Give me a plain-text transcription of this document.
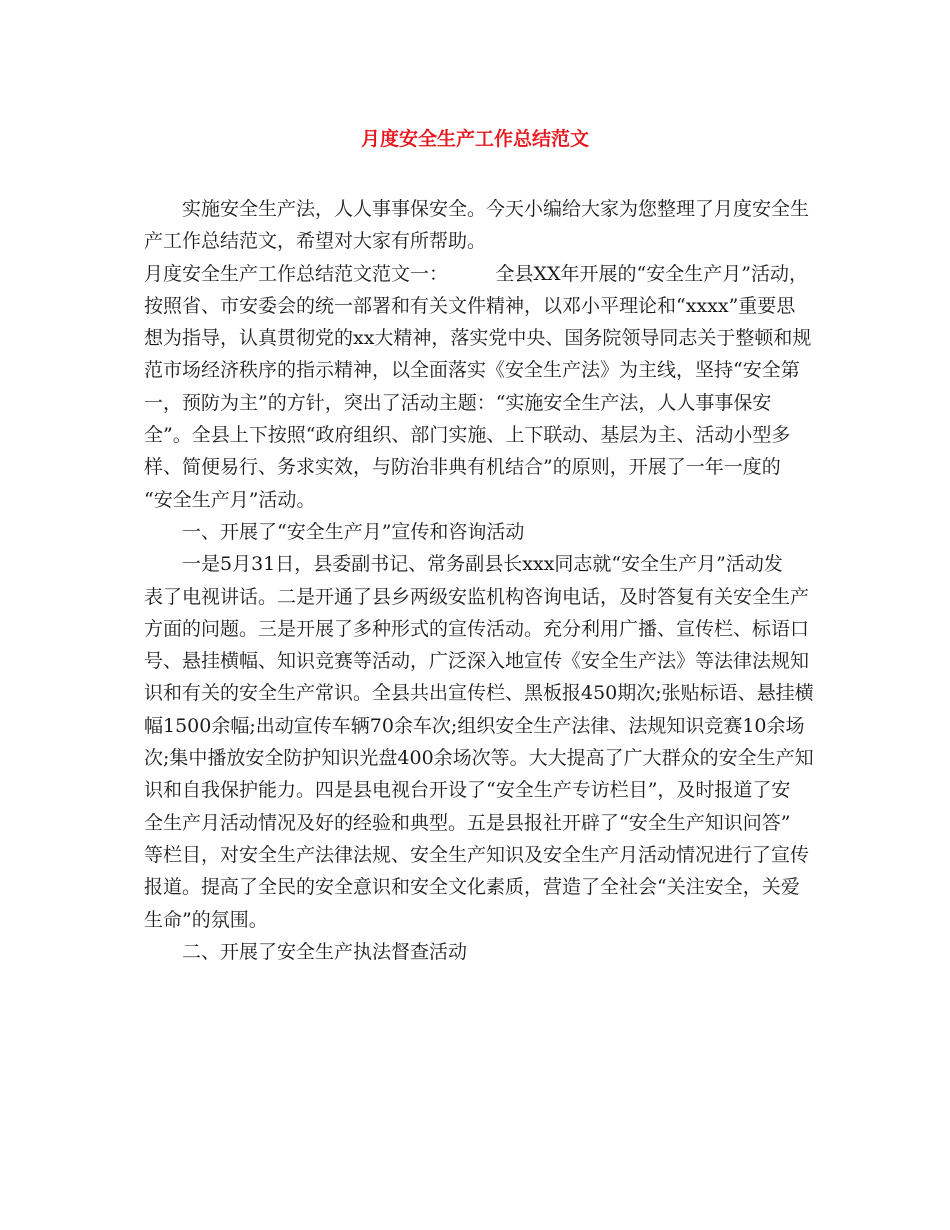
月度安全生产工作总结范文
　　实施安全生产法，人人事事保安全。今天小编给大家为您整理了月度安全生
产工作总结范文，希望对大家有所帮助。
月度安全生产工作总结范文范文一：　　　全县XX年开展的“安全生产月”活动，
按照省、市安委会的统一部署和有关文件精神，以邓小平理论和“xxxx”重要思
想为指导，认真贯彻党的xx大精神，落实党中央、国务院领导同志关于整顿和规
范市场经济秩序的指示精神，以全面落实《安全生产法》为主线，坚持“安全第
一，预防为主”的方针，突出了活动主题：“实施安全生产法，人人事事保安
全”。全县上下按照“政府组织、部门实施、上下联动、基层为主、活动小型多
样、简便易行、务求实效，与防治非典有机结合”的原则，开展了一年一度的
“安全生产月”活动。
　　一、开展了“安全生产月”宣传和咨询活动
　　一是5月31日，县委副书记、常务副县长xxx同志就“安全生产月”活动发
表了电视讲话。二是开通了县乡两级安监机构咨询电话，及时答复有关安全生产
方面的问题。三是开展了多种形式的宣传活动。充分利用广播、宣传栏、标语口
号、悬挂横幅、知识竞赛等活动，广泛深入地宣传《安全生产法》等法律法规知
识和有关的安全生产常识。全县共出宣传栏、黑板报450期次;张贴标语、悬挂横
幅1500余幅;出动宣传车辆70余车次;组织安全生产法律、法规知识竞赛10余场
次;集中播放安全防护知识光盘400余场次等。大大提高了广大群众的安全生产知
识和自我保护能力。四是县电视台开设了“安全生产专访栏目”，及时报道了安
全生产月活动情况及好的经验和典型。五是县报社开辟了“安全生产知识问答”
等栏目，对安全生产法律法规、安全生产知识及安全生产月活动情况进行了宣传
报道。提高了全民的安全意识和安全文化素质，营造了全社会“关注安全，关爱
生命”的氛围。
　　二、开展了安全生产执法督查活动
